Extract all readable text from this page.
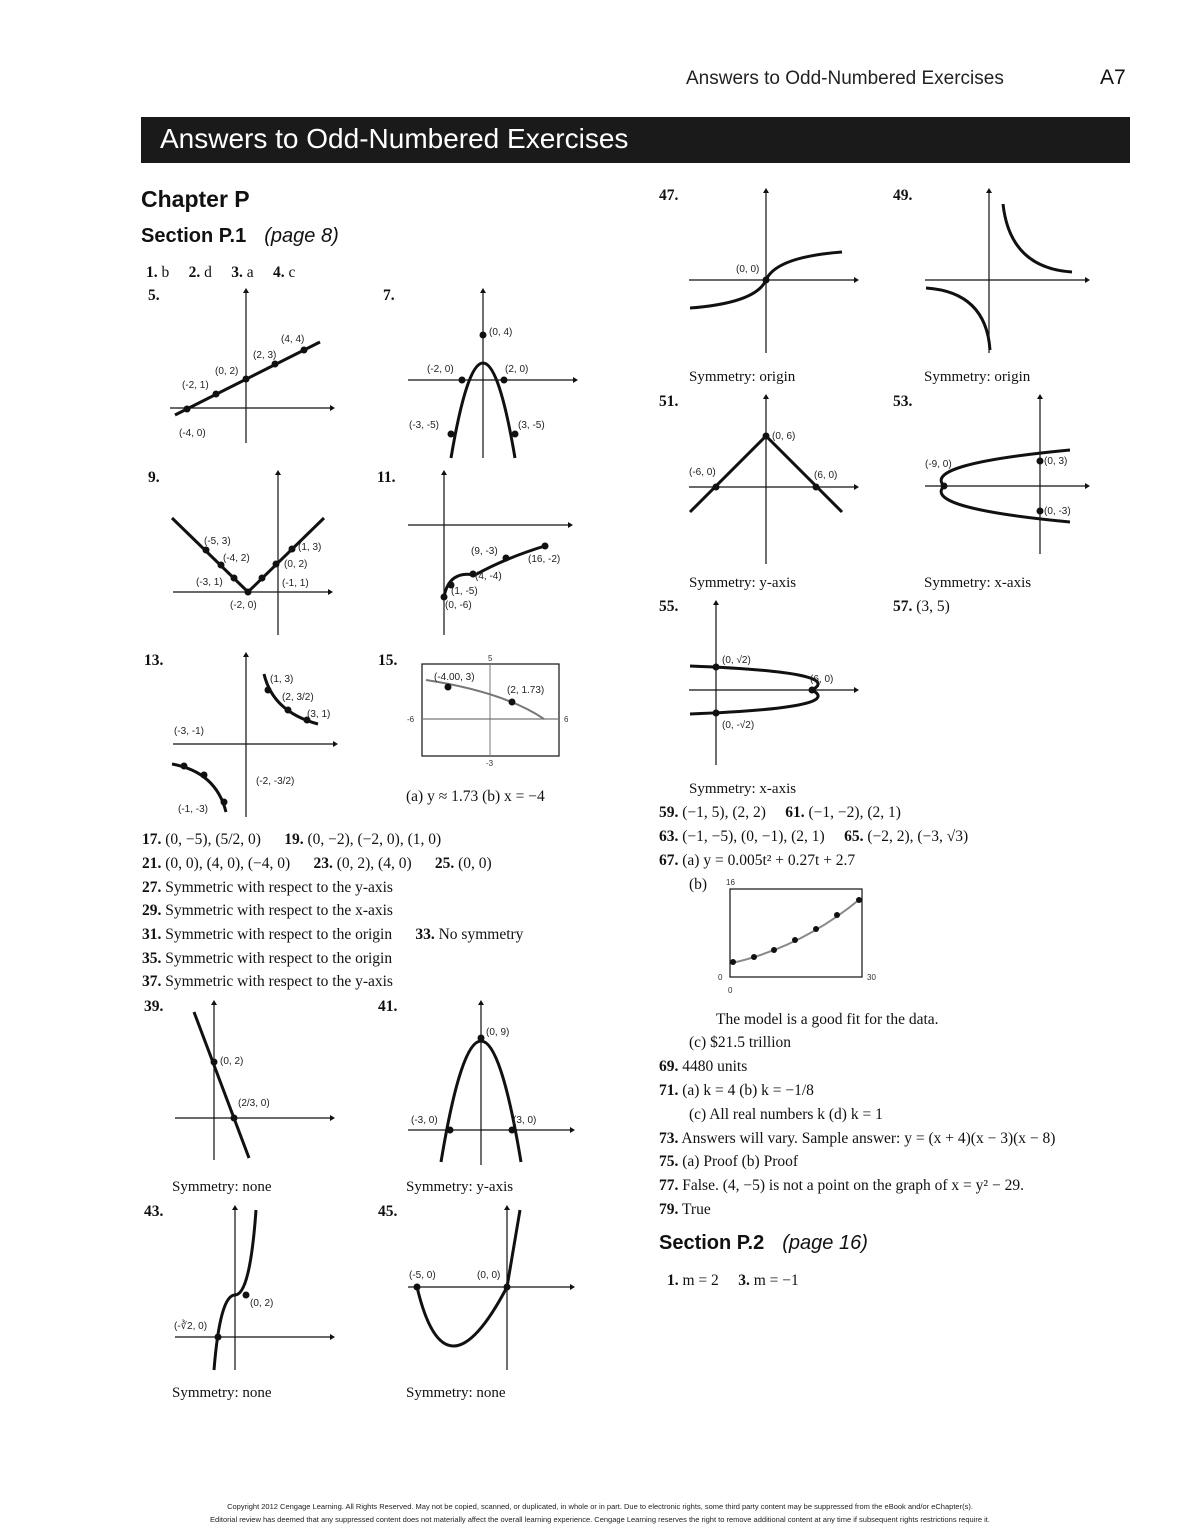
Answers to Odd-Numbered Exercises	A7
Answers to Odd-Numbered Exercises
Chapter P
Section P.1 (page 8)
1. b 2. d 3. a 4. c
5.	7.
9.	11.
13.	15.
39.	41.
43.	45.
47.	49.
51.	53.
55.
(4, 4)
(2, 3)
(0, 2)
(-2, 1)
(-4, 0)
(0, 4)
(-2, 0)	(2, 0)
(-3, -5)	(3, -5)
(-5, 3)
(-4, 2)
(-3, 1)
(1, 3)
(0, 2)
(-1, 1)
(-2, 0)
(9, -3)
(16, -2)
(4, -4)
(1, -5)
(0, -6)
(1, 3)
(2, 3/2)
(3, 1)
(-3, -1)
(-2, -3/2)
(-1, -3)
(-4.00, 3)
(2, 1.73)
5
-3
-6	6
(a) y ≈ 1.73 (b) x = −4
17. (0, −5), (5/2, 0) 19. (0, −2), (−2, 0), (1, 0)
21. (0, 0), (4, 0), (−4, 0) 23. (0, 2), (4, 0) 25. (0, 0)
27. Symmetric with respect to the y-axis
29. Symmetric with respect to the x-axis
31. Symmetric with respect to the origin 33. No symmetry
35. Symmetric with respect to the origin
37. Symmetric with respect to the y-axis
(0, 2)
(2/3, 0)
Symmetry: none
(0, 9)
(-3, 0)	(3, 0)
Symmetry: y-axis
(0, 2)
(-∛2, 0)
Symmetry: none
(-5, 0)	(0, 0)
Symmetry: none
(0, 0)
Symmetry: origin	Symmetry: origin
(0, 6)
(-6, 0)	(6, 0)
Symmetry: y-axis
(-9, 0)	(0, 3)
(0, -3)
Symmetry: x-axis
57. (3, 5)
(0, √2)
(6, 0)
(0, -√2)
Symmetry: x-axis
59. (−1, 5), (2, 2) 61. (−1, −2), (2, 1)
63. (−1, −5), (0, −1), (2, 1) 65. (−2, 2), (−3, √3)
67. (a) y = 0.005t² + 0.27t + 2.7
(b) 16
0
0
30
The model is a good fit for the data.
(c) $21.5 trillion
69. 4480 units
71. (a) k = 4 (b) k = −1/8
(c) All real numbers k (d) k = 1
73. Answers will vary. Sample answer: y = (x + 4)(x − 3)(x − 8)
75. (a) Proof (b) Proof
77. False. (4, −5) is not a point on the graph of x = y² − 29.
79. True
Section P.2 (page 16)
1. m = 2 3. m = −1
Copyright 2012 Cengage Learning. All Rights Reserved. May not be copied, scanned, or duplicated, in whole or in part. Due to electronic rights, some third party content may be suppressed from the eBook and/or eChapter(s).
Editorial review has deemed that any suppressed content does not materially affect the overall learning experience. Cengage Learning reserves the right to remove additional content at any time if subsequent rights restrictions require it.
